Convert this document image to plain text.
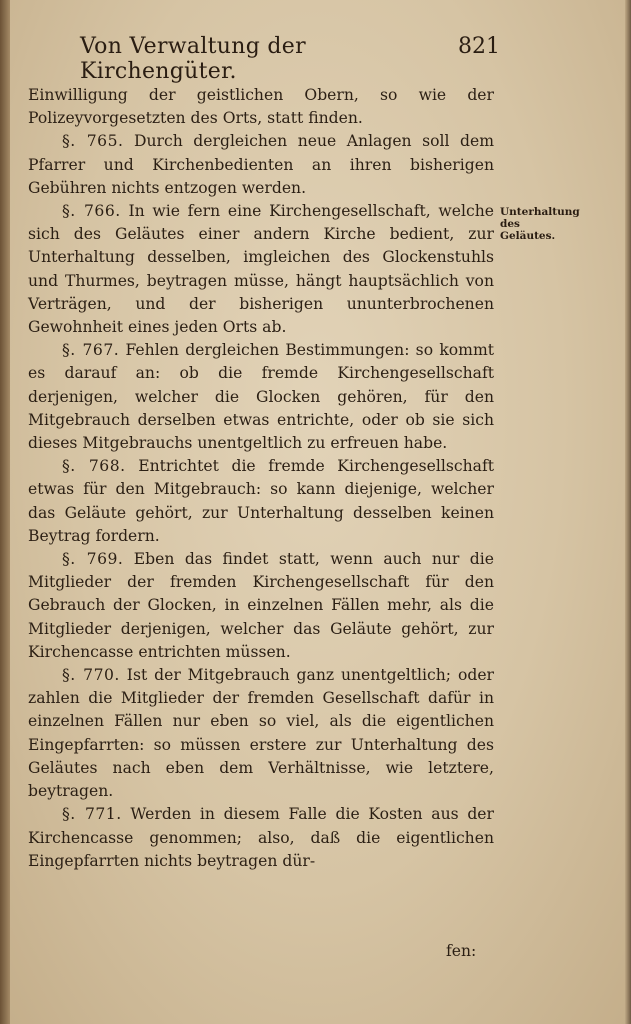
Von Verwaltung der Kirchengüter.
821

Einwilligung der geistlichen Obern, so wie der Polizeyvorgesetzten des Orts, statt finden.

§. 765. Durch dergleichen neue Anlagen soll dem Pfarrer und Kirchenbedienten an ihren bisherigen Gebühren nichts entzogen werden.

§. 766. In wie fern eine Kirchengesellschaft, welche sich des Geläutes einer andern Kirche bedient, zur Unterhaltung desselben, imgleichen des Glockenstuhls und Thurmes, beytragen müsse, hängt hauptsächlich von Verträgen, und der bisherigen ununterbrochenen Gewohnheit eines jeden Orts ab.

§. 767. Fehlen dergleichen Bestimmungen: so kommt es darauf an: ob die fremde Kirchengesellschaft derjenigen, welcher die Glocken gehören, für den Mitgebrauch derselben etwas entrichte, oder ob sie sich dieses Mitgebrauchs unentgeltlich zu erfreuen habe.

§. 768. Entrichtet die fremde Kirchengesellschaft etwas für den Mitgebrauch: so kann diejenige, welcher das Geläute gehört, zur Unterhaltung desselben keinen Beytrag fordern.

§. 769. Eben das findet statt, wenn auch nur die Mitglieder der fremden Kirchengesellschaft für den Gebrauch der Glocken, in einzelnen Fällen mehr, als die Mitglieder derjenigen, welcher das Geläute gehört, zur Kirchencasse entrichten müssen.

§. 770. Ist der Mitgebrauch ganz unentgeltlich; oder zahlen die Mitglieder der fremden Gesellschaft dafür in einzelnen Fällen nur eben so viel, als die eigentlichen Eingepfarrten: so müssen erstere zur Unterhaltung des Geläutes nach eben dem Verhältnisse, wie letztere, beytragen.

§. 771. Werden in diesem Falle die Kosten aus der Kirchencasse genommen; also, daß die eigentlichen Eingepfarrten nichts beytragen dür-

Unterhaltung des Geläutes.
fen:
